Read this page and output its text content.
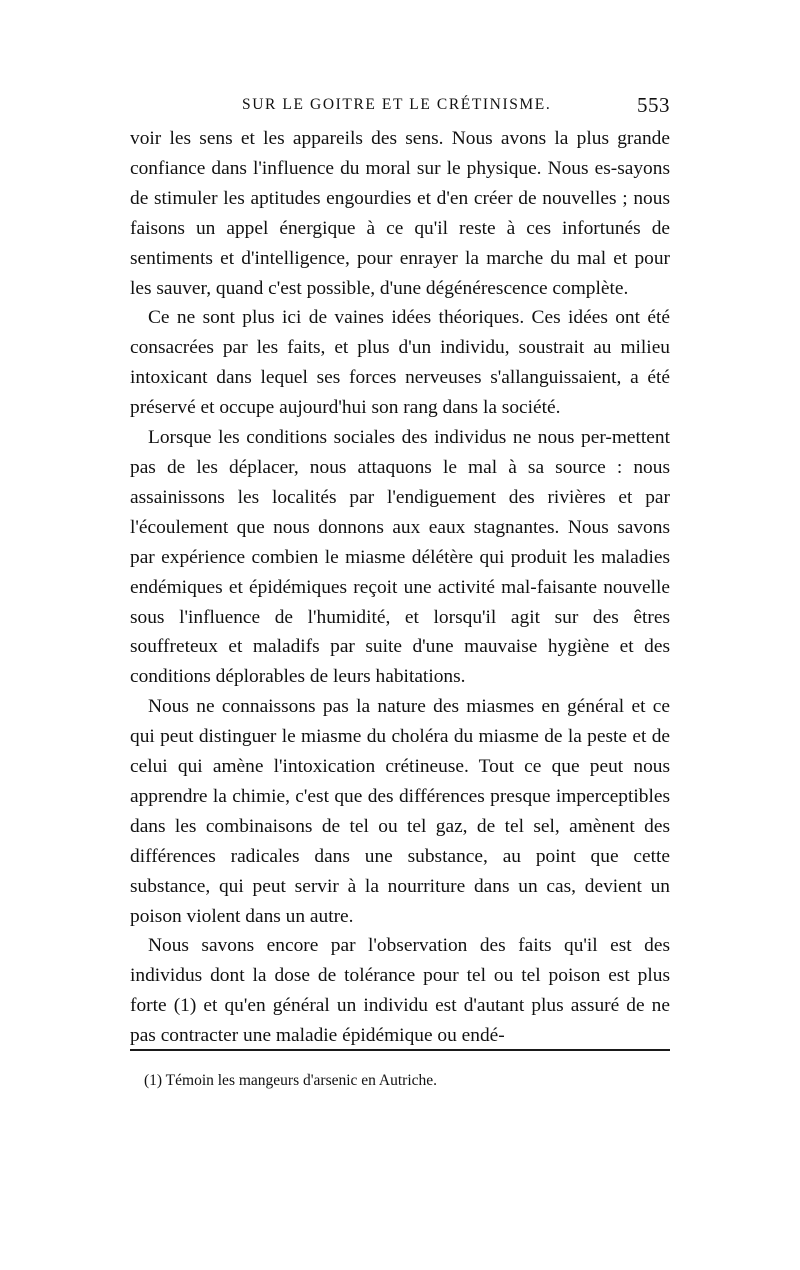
SUR LE GOITRE ET LE CRÉTINISME.	553

voir les sens et les appareils des sens. Nous avons la plus grande confiance dans l'influence du moral sur le physique. Nous es-sayons de stimuler les aptitudes engourdies et d'en créer de nouvelles ; nous faisons un appel énergique à ce qu'il reste à ces infortunés de sentiments et d'intelligence, pour enrayer la marche du mal et pour les sauver, quand c'est possible, d'une dégénérescence complète.

Ce ne sont plus ici de vaines idées théoriques. Ces idées ont été consacrées par les faits, et plus d'un individu, soustrait au milieu intoxicant dans lequel ses forces nerveuses s'allanguissaient, a été préservé et occupe aujourd'hui son rang dans la société.

Lorsque les conditions sociales des individus ne nous per-mettent pas de les déplacer, nous attaquons le mal à sa source : nous assainissons les localités par l'endiguement des rivières et par l'écoulement que nous donnons aux eaux stagnantes. Nous savons par expérience combien le miasme délétère qui produit les maladies endémiques et épidémiques reçoit une activité mal-faisante nouvelle sous l'influence de l'humidité, et lorsqu'il agit sur des êtres souffreteux et maladifs par suite d'une mauvaise hygiène et des conditions déplorables de leurs habitations.

Nous ne connaissons pas la nature des miasmes en général et ce qui peut distinguer le miasme du choléra du miasme de la peste et de celui qui amène l'intoxication crétineuse. Tout ce que peut nous apprendre la chimie, c'est que des différences presque imperceptibles dans les combinaisons de tel ou tel gaz, de tel sel, amènent des différences radicales dans une substance, au point que cette substance, qui peut servir à la nourriture dans un cas, devient un poison violent dans un autre.

Nous savons encore par l'observation des faits qu'il est des individus dont la dose de tolérance pour tel ou tel poison est plus forte (1) et qu'en général un individu est d'autant plus assuré de ne pas contracter une maladie épidémique ou endé-

(1) Témoin les mangeurs d'arsenic en Autriche.
